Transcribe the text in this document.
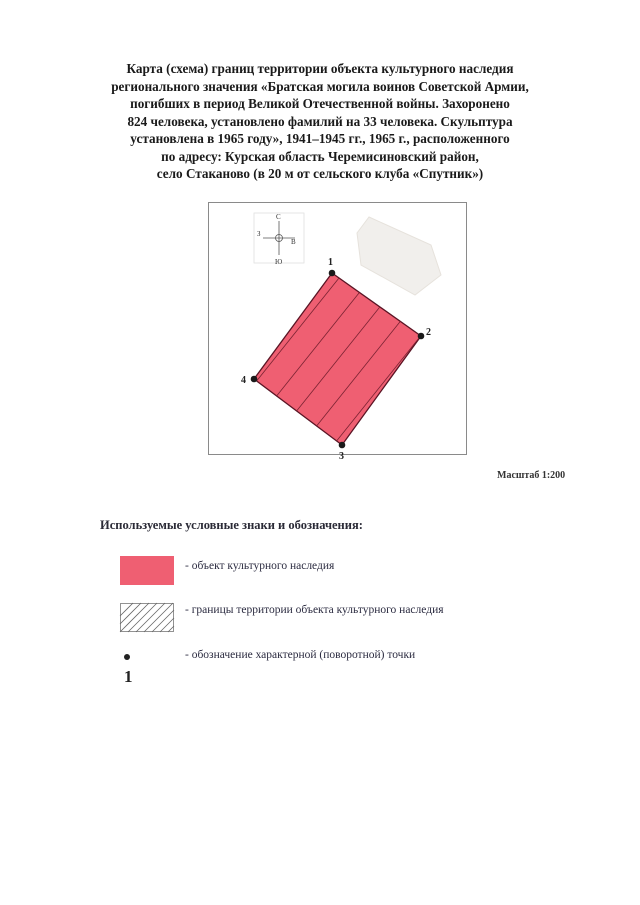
Карта (схема) границ территории объекта культурного наследия
регионального значения «Братская могила воинов Советской Армии,
погибших в период Великой Отечественной войны. Захоронено
824 человека, установлено фамилий на 33 человека. Скульптура
установлена в 1965 году», 1941–1945 гг., 1965 г., расположенного
по адресу: Курская область Черемисиновский район,
село Стаканово (в 20 м от сельского клуба «Спутник»)
С
Ю
З
В
1
2
3
4
Масштаб 1:200
Используемые условные знаки и обозначения:
- объект культурного наследия
- границы территории объекта культурного наследия
1
- обозначение характерной (поворотной) точки
